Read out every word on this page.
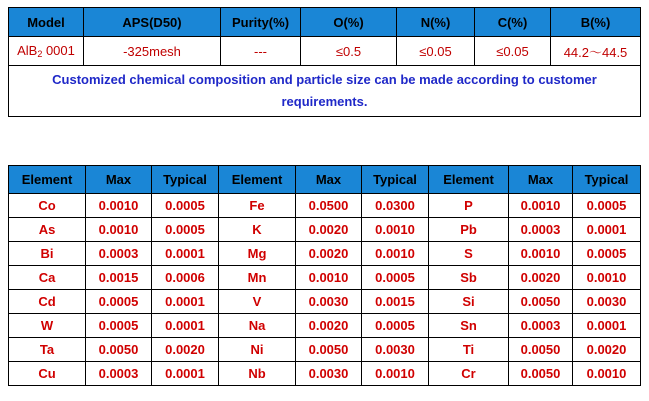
Model	APS(D50)	Purity(%)	O(%)	N(%)	C(%)	B(%)
AlB$_2$ 0001	-325mesh	---	≤0.5	≤0.05	≤0.05	44.2～44.5
Customized chemical composition and particle size can be made according to customer requirements.						
Element	Max	Typical	Element	Max	Typical	Element	Max	Typical
Co	0.0010	0.0005	Fe	0.0500	0.0300	P	0.0010	0.0005
As	0.0010	0.0005	K	0.0020	0.0010	Pb	0.0003	0.0001
Bi	0.0003	0.0001	Mg	0.0020	0.0010	S	0.0010	0.0005
Ca	0.0015	0.0006	Mn	0.0010	0.0005	Sb	0.0020	0.0010
Cd	0.0005	0.0001	V	0.0030	0.0015	Si	0.0050	0.0030
W	0.0005	0.0001	Na	0.0020	0.0005	Sn	0.0003	0.0001
Ta	0.0050	0.0020	Ni	0.0050	0.0030	Ti	0.0050	0.0020
Cu	0.0003	0.0001	Nb	0.0030	0.0010	Cr	0.0050	0.0010
